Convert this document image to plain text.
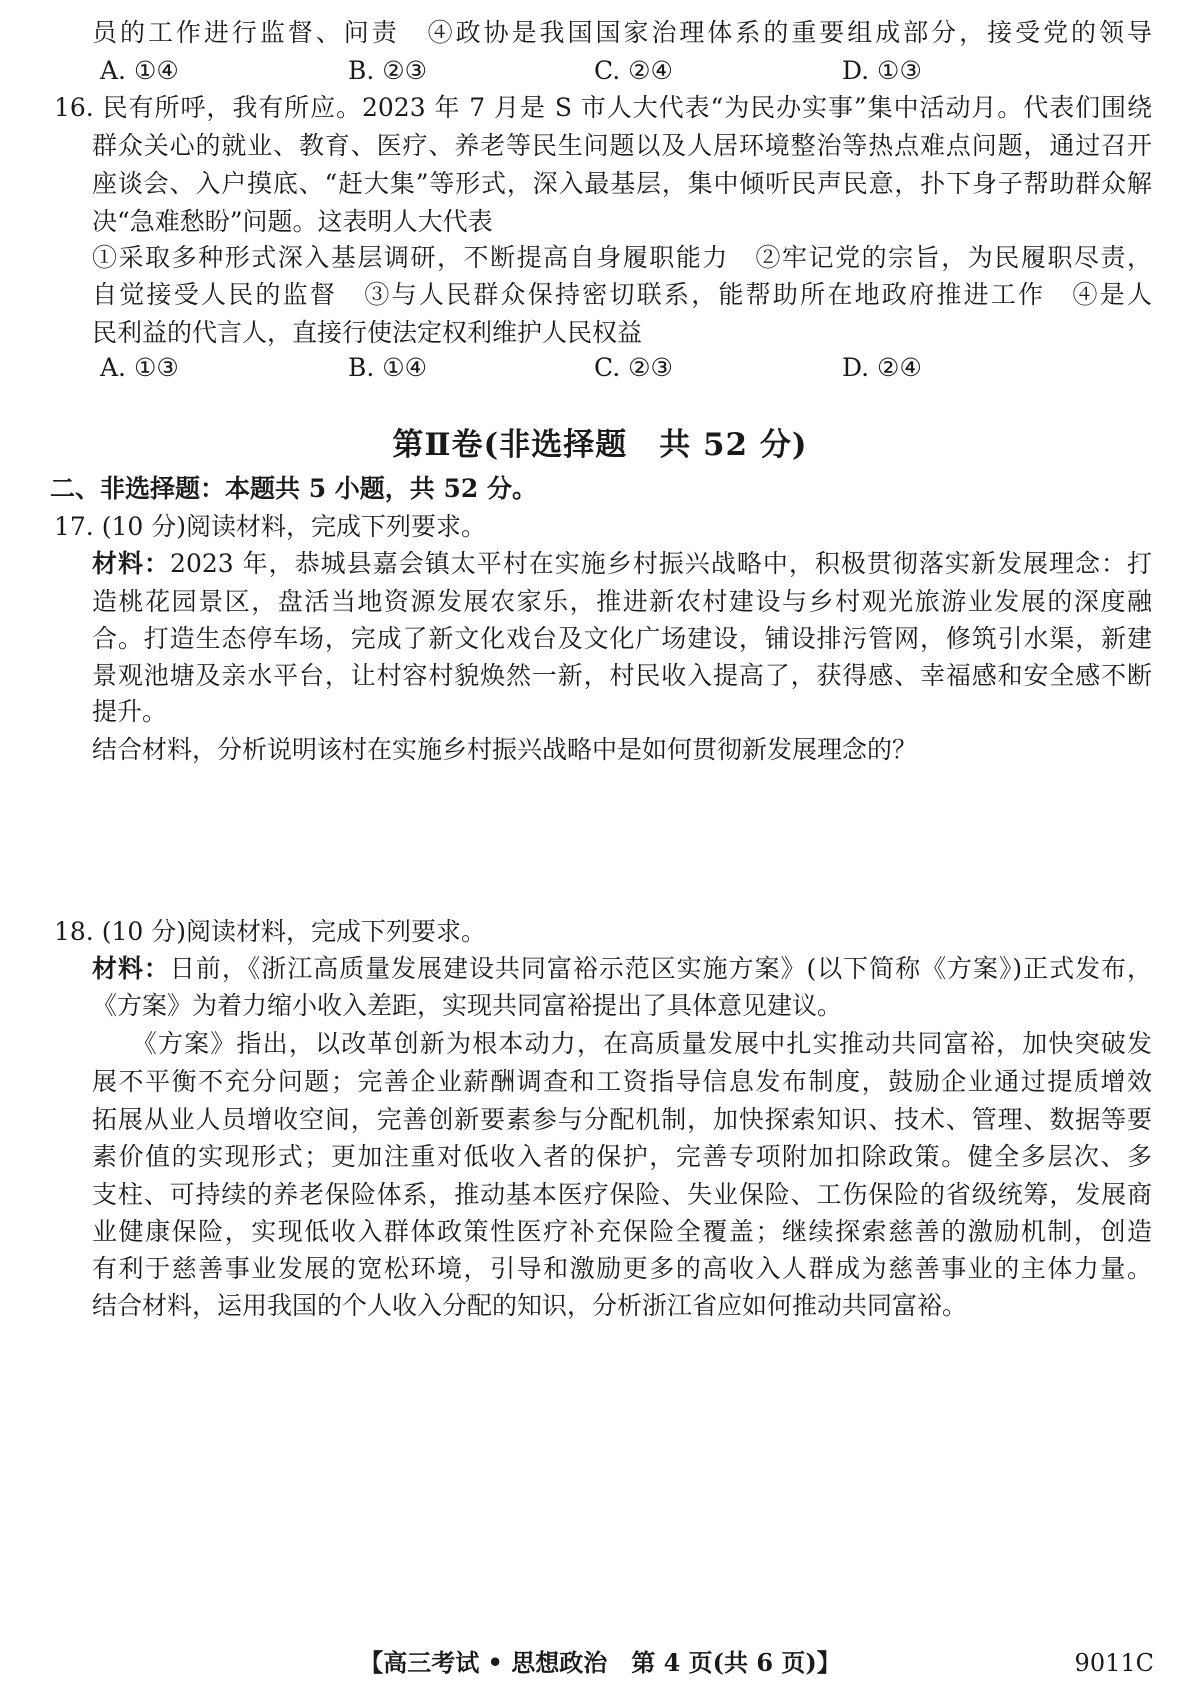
员的工作进行监督、问责　④政协是我国国家治理体系的重要组成部分，接受党的领导
A. ①④	B. ②③	C. ②④	D. ①③
16. 民有所呼，我有所应。2023 年 7 月是 S 市人大代表“为民办实事”集中活动月。代表们围绕
群众关心的就业、教育、医疗、养老等民生问题以及人居环境整治等热点难点问题，通过召开
座谈会、入户摸底、“赶大集”等形式，深入最基层，集中倾听民声民意，扑下身子帮助群众解
决“急难愁盼”问题。这表明人大代表
①采取多种形式深入基层调研，不断提高自身履职能力　②牢记党的宗旨，为民履职尽责，
自觉接受人民的监督　③与人民群众保持密切联系，能帮助所在地政府推进工作　④是人
民利益的代言人，直接行使法定权利维护人民权益
A. ①③	B. ①④	C. ②③	D. ②④
第Ⅱ卷(非选择题　共 52 分)
二、非选择题：本题共 5 小题，共 52 分。
17. (10 分)阅读材料，完成下列要求。
材料：2023 年，恭城县嘉会镇太平村在实施乡村振兴战略中，积极贯彻落实新发展理念：打
造桃花园景区，盘活当地资源发展农家乐，推进新农村建设与乡村观光旅游业发展的深度融
合。打造生态停车场，完成了新文化戏台及文化广场建设，铺设排污管网，修筑引水渠，新建
景观池塘及亲水平台，让村容村貌焕然一新，村民收入提高了，获得感、幸福感和安全感不断
提升。
结合材料，分析说明该村在实施乡村振兴战略中是如何贯彻新发展理念的？
18. (10 分)阅读材料，完成下列要求。
材料：日前，《浙江高质量发展建设共同富裕示范区实施方案》(以下简称《方案》)正式发布，
《方案》为着力缩小收入差距，实现共同富裕提出了具体意见建议。
　《方案》指出，以改革创新为根本动力，在高质量发展中扎实推动共同富裕，加快突破发
展不平衡不充分问题；完善企业薪酬调查和工资指导信息发布制度，鼓励企业通过提质增效
拓展从业人员增收空间，完善创新要素参与分配机制，加快探索知识、技术、管理、数据等要
素价值的实现形式；更加注重对低收入者的保护，完善专项附加扣除政策。健全多层次、多
支柱、可持续的养老保险体系，推动基本医疗保险、失业保险、工伤保险的省级统筹，发展商
业健康保险，实现低收入群体政策性医疗补充保险全覆盖；继续探索慈善的激励机制，创造
有利于慈善事业发展的宽松环境，引导和激励更多的高收入人群成为慈善事业的主体力量。
结合材料，运用我国的个人收入分配的知识，分析浙江省应如何推动共同富裕。
【高三考试 • 思想政治　第 4 页(共 6 页)】	9011C
